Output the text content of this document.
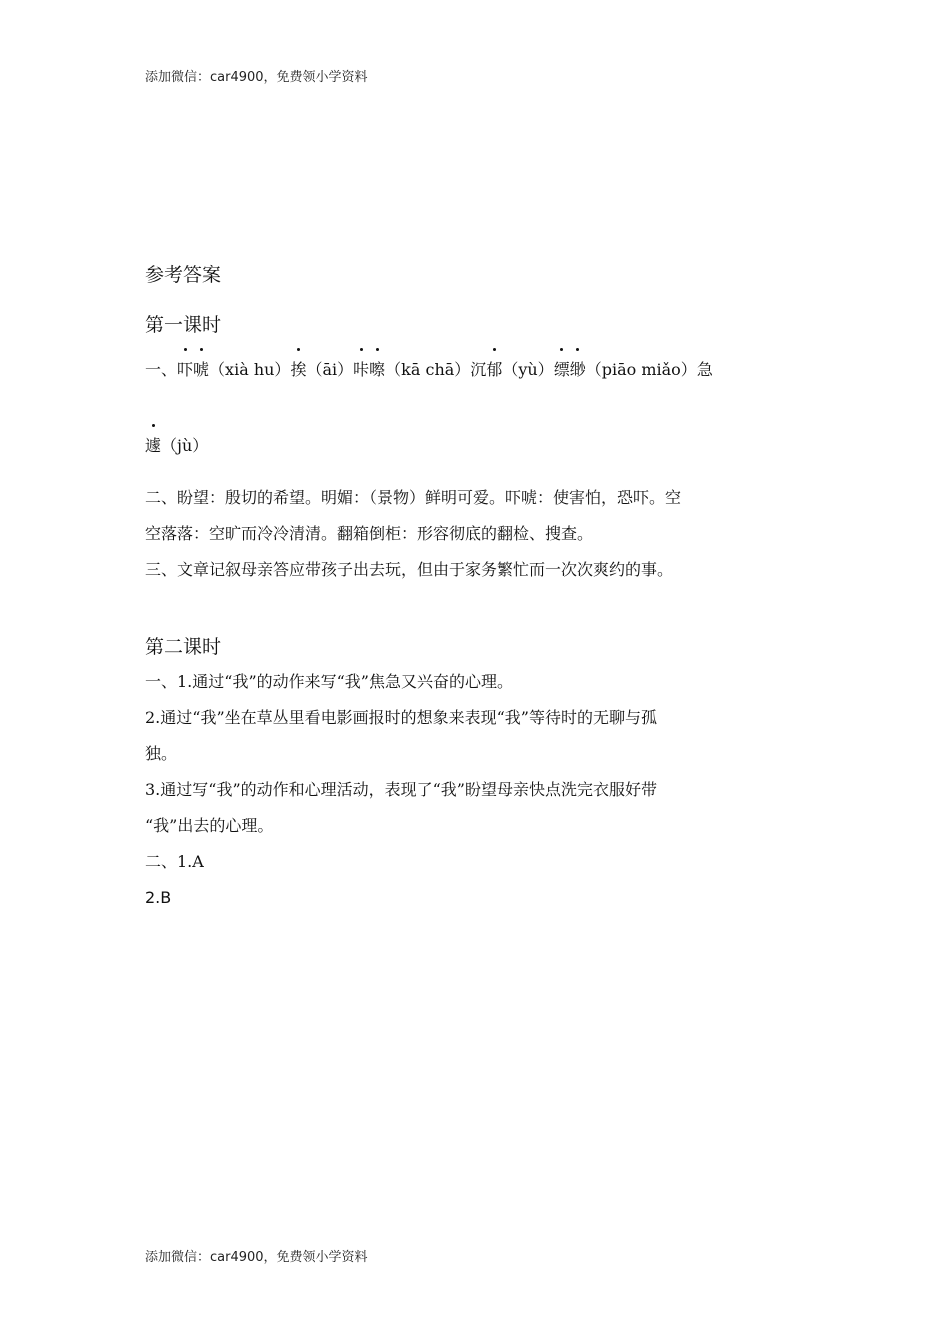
添加微信：car4900，免费领小学资料

参考答案

第一课时

一、吓唬（xià hu）挨（āi）咔嚓（kā chā）沉郁（yù）缥缈（piāo miǎo）急

遽（jù）

二、盼望：殷切的希望。明媚：（景物）鲜明可爱。吓唬：使害怕，恐吓。空

空落落：空旷而冷冷清清。翻箱倒柜：形容彻底的翻检、搜查。

三、文章记叙母亲答应带孩子出去玩，但由于家务繁忙而一次次爽约的事。

第二课时

一、1.通过“我”的动作来写“我”焦急又兴奋的心理。

2.通过“我”坐在草丛里看电影画报时的想象来表现“我”等待时的无聊与孤

独。

3.通过写“我”的动作和心理活动，表现了“我”盼望母亲快点洗完衣服好带

“我”出去的心理。

二、1.A

2.B

添加微信：car4900，免费领小学资料
